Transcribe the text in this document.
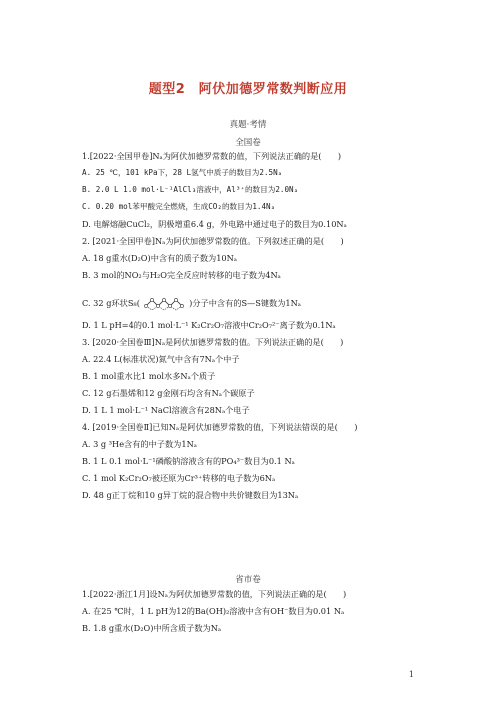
题型2　阿伏加德罗常数判断应用
真题·考情
全国卷
1.[2022·全国甲卷]Nₐ为阿伏加德罗常数的值，下列说法正确的是(　　)
A. 25 ℃，101 kPa下，28 L氢气中质子的数目为2.5Nₐ
B. 2.0 L 1.0 mol·L⁻¹AlCl₃溶液中，Al³⁺的数目为2.0Nₐ
C. 0.20 mol苯甲酸完全燃烧，生成CO₂的数目为1.4Nₐ
D. 电解熔融CuCl₂，阴极增重6.4 g，外电路中通过电子的数目为0.10Nₐ
2. [2021·全国甲卷]Nₐ为阿伏加德罗常数的值。下列叙述正确的是(　　)
A. 18 g重水(D₂O)中含有的质子数为10Nₐ
B. 3 mol的NO₂与H₂O完全反应时转移的电子数为4Nₐ
C. 32 g环状S₈(	)分子中含有的S—S键数为1Nₐ
D. 1 L pH=4的0.1 mol·L⁻¹ K₂Cr₂O₇溶液中Cr₂O₇²⁻离子数为0.1Nₐ
3. [2020·全国卷Ⅲ]Nₐ是阿伏加德罗常数的值。下列说法正确的是(　　)
A. 22.4 L(标准状况)氮气中含有7Nₐ个中子
B. 1 mol重水比1 mol水多Nₐ个质子
C. 12 g石墨烯和12 g金刚石均含有Nₐ个碳原子
D. 1 L 1 mol·L⁻¹ NaCl溶液含有28Nₐ个电子
4. [2019·全国卷Ⅱ]已知Nₐ是阿伏加德罗常数的值，下列说法错误的是(　　)
A. 3 g ³He含有的中子数为1Nₐ
B. 1 L 0.1 mol·L⁻¹磷酸钠溶液含有的PO₄³⁻数目为0.1 Nₐ
C. 1 mol K₂Cr₂O₇被还原为Cr³⁺转移的电子数为6Nₐ
D. 48 g正丁烷和10 g异丁烷的混合物中共价键数目为13Nₐ
省市卷
1.[2022·浙江1月]设Nₐ为阿伏加德罗常数的值，下列说法正确的是(　　)
A. 在25 ℃时，1 L pH为12的Ba(OH)₂溶液中含有OH⁻数目为0.01 Nₐ
B. 1.8 g重水(D₂O)中所含质子数为Nₐ
1
